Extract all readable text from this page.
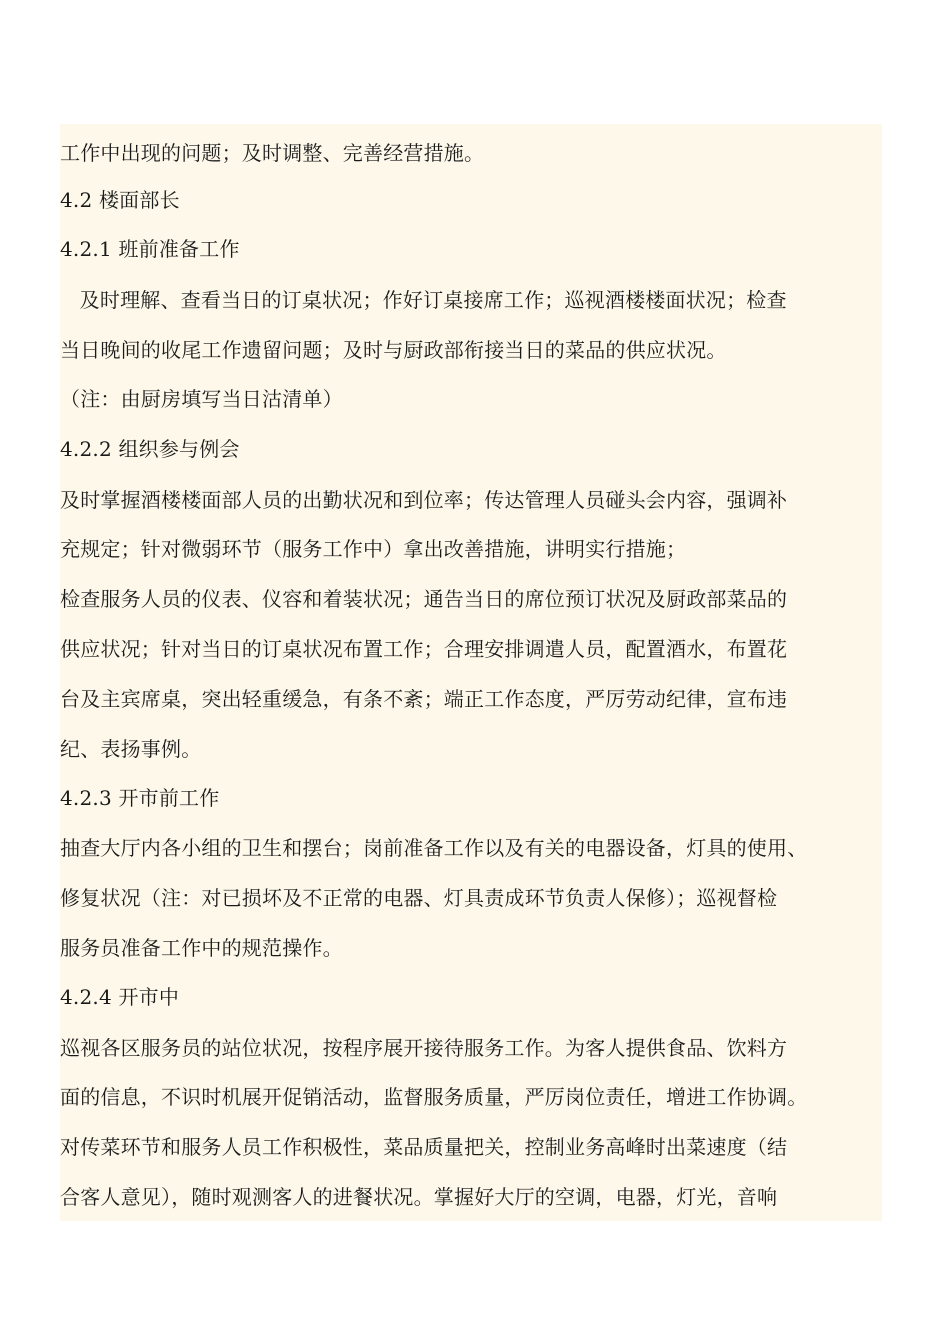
工作中出现的问题；及时调整、完善经营措施。
4.2 楼面部长
4.2.1 班前准备工作
及时理解、查看当日的订桌状况；作好订桌接席工作；巡视酒楼楼面状况；检查
当日晚间的收尾工作遗留问题；及时与厨政部衔接当日的菜品的供应状况。
（注：由厨房填写当日沽清单）
4.2.2 组织参与例会
及时掌握酒楼楼面部人员的出勤状况和到位率；传达管理人员碰头会内容，强调补
充规定；针对微弱环节（服务工作中）拿出改善措施，讲明实行措施；
检查服务人员的仪表、仪容和着装状况；通告当日的席位预订状况及厨政部菜品的
供应状况；针对当日的订桌状况布置工作；合理安排调遣人员，配置酒水，布置花
台及主宾席桌，突出轻重缓急，有条不紊；端正工作态度，严厉劳动纪律，宣布违
纪、表扬事例。
4.2.3 开市前工作
抽查大厅内各小组的卫生和摆台；岗前准备工作以及有关的电器设备，灯具的使用、
修复状况（注：对已损坏及不正常的电器、灯具责成环节负责人保修）；巡视督检
服务员准备工作中的规范操作。
4.2.4 开市中
巡视各区服务员的站位状况，按程序展开接待服务工作。为客人提供食品、饮料方
面的信息，不识时机展开促销活动，监督服务质量，严厉岗位责任，增进工作协调。
对传菜环节和服务人员工作积极性，菜品质量把关，控制业务高峰时出菜速度（结
合客人意见），随时观测客人的进餐状况。掌握好大厅的空调，电器，灯光，音响
